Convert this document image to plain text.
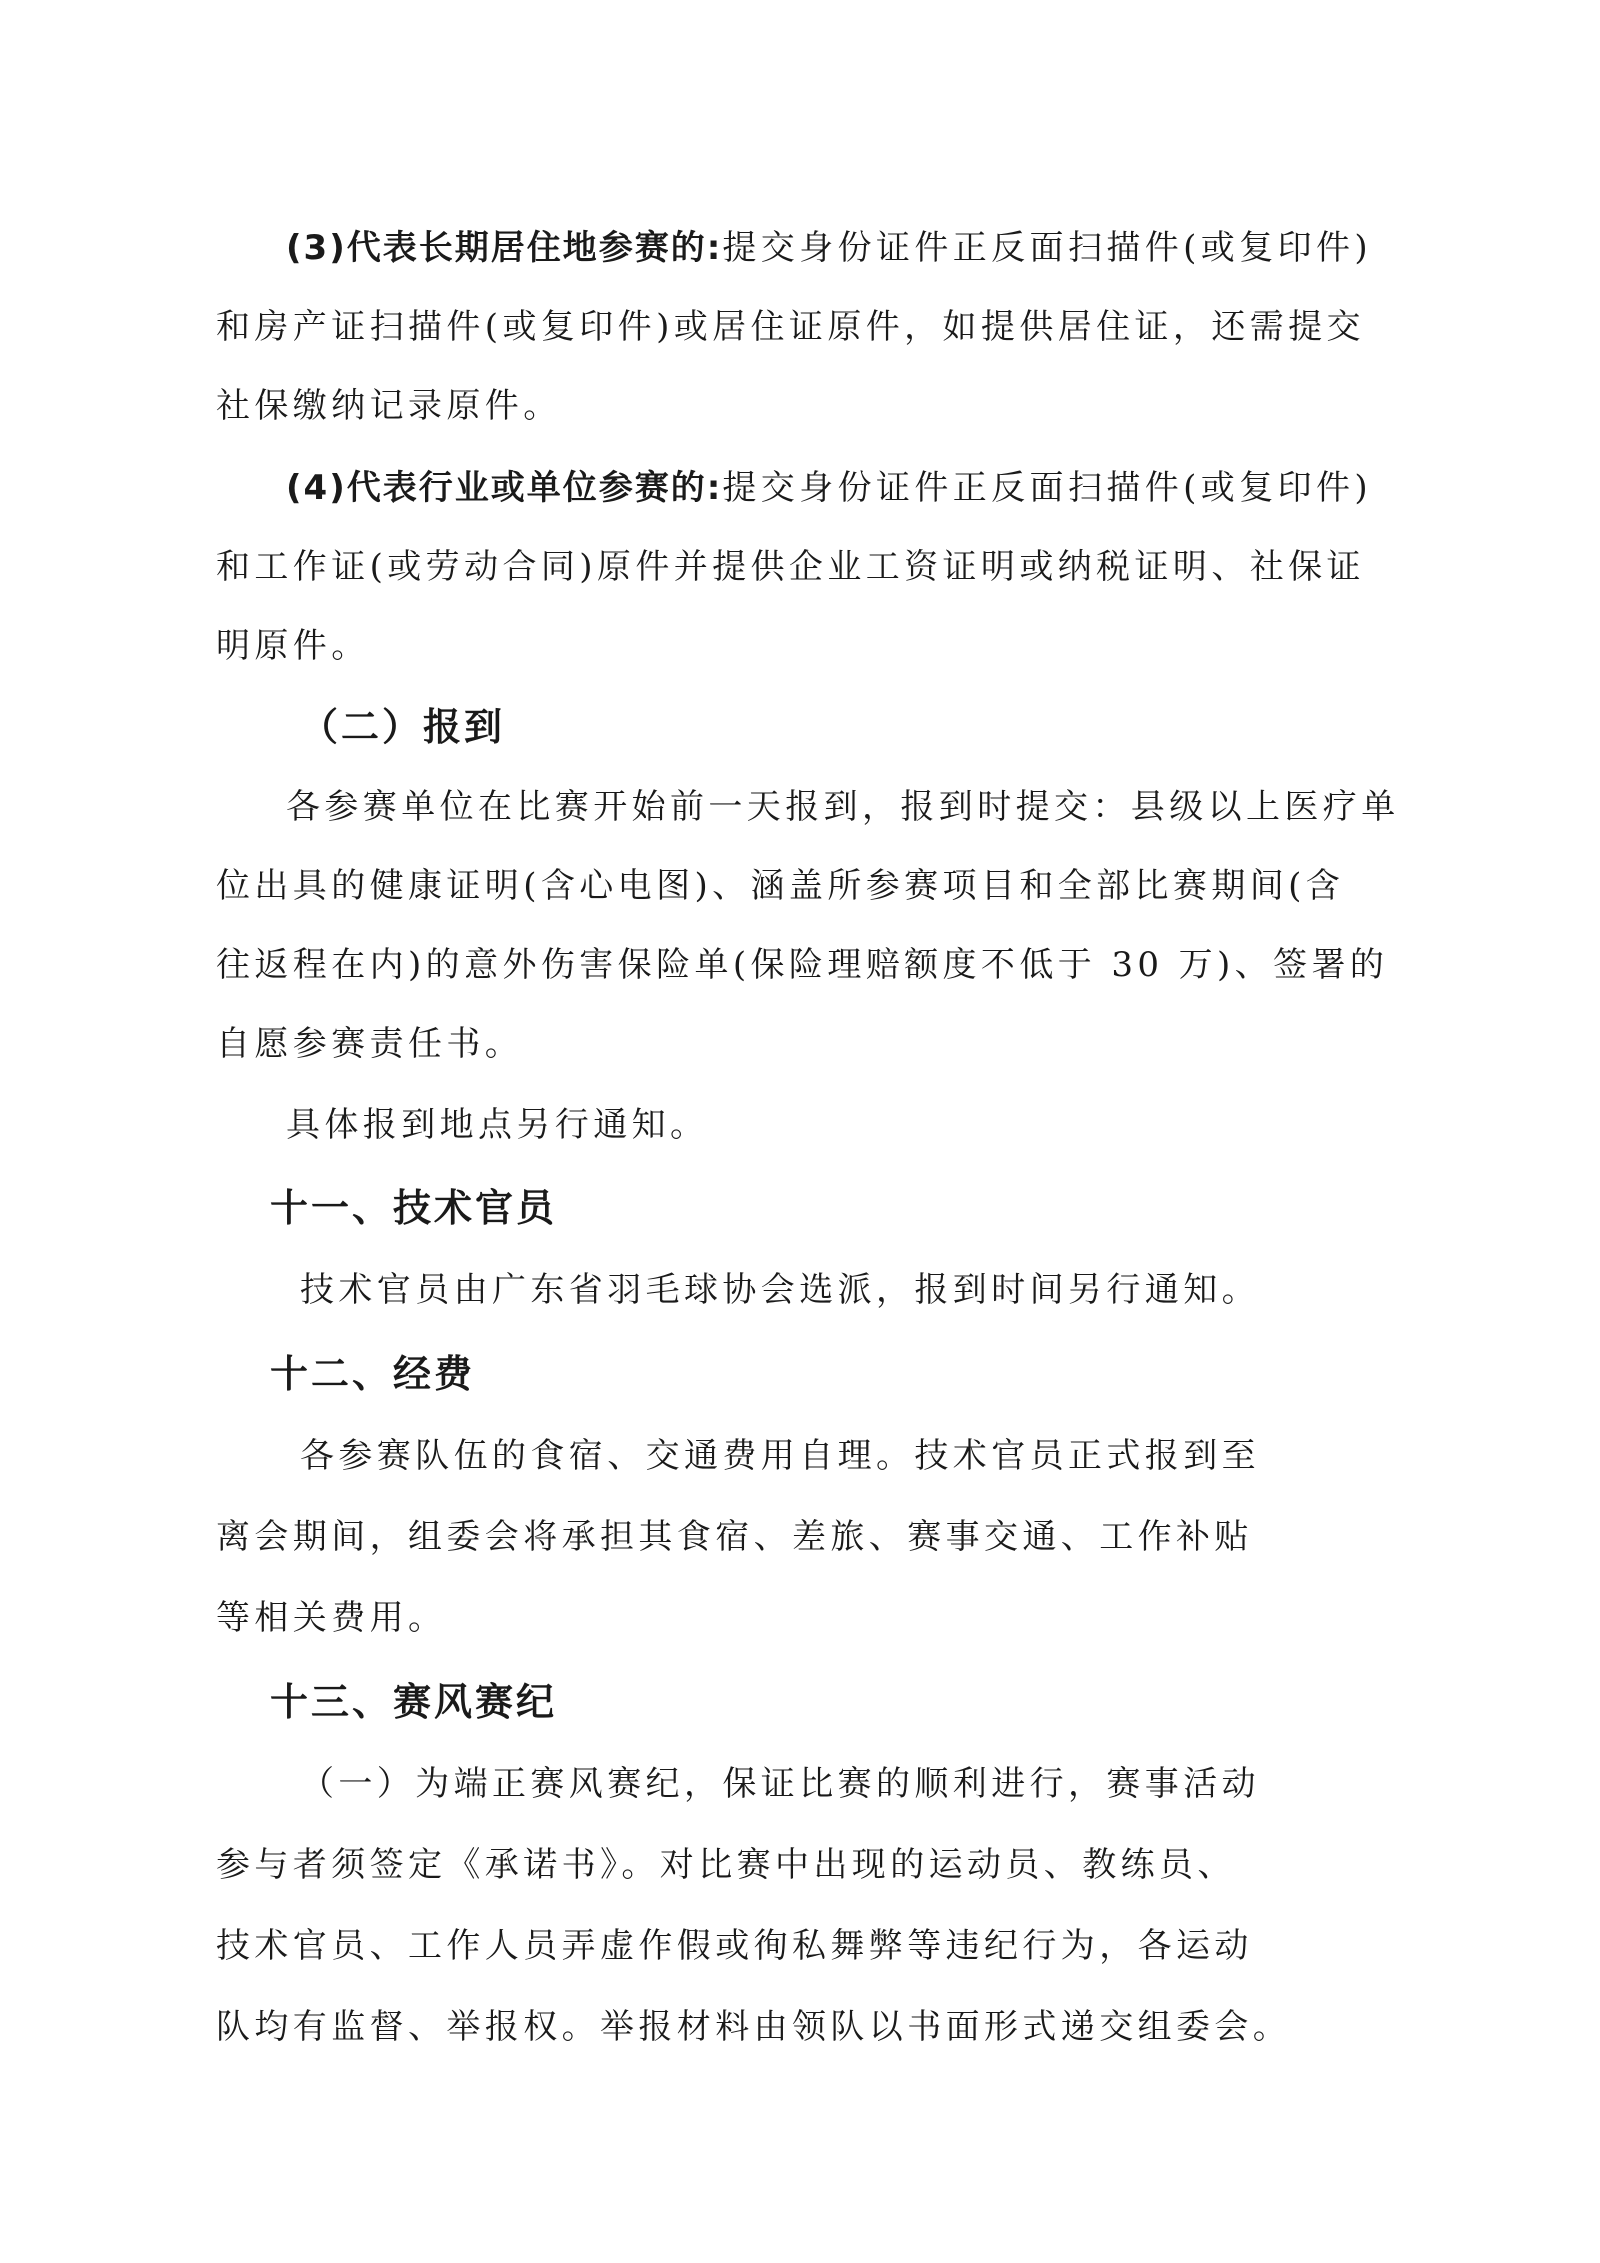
(3)代表长期居住地参赛的:提交身份证件正反面扫描件(或复印件)
和房产证扫描件(或复印件)或居住证原件，如提供居住证，还需提交
社保缴纳记录原件。
(4)代表行业或单位参赛的:提交身份证件正反面扫描件(或复印件)
和工作证(或劳动合同)原件并提供企业工资证明或纳税证明、社保证
明原件。
（二）报到
各参赛单位在比赛开始前一天报到，报到时提交：县级以上医疗单
位出具的健康证明(含心电图)、涵盖所参赛项目和全部比赛期间(含
往返程在内)的意外伤害保险单(保险理赔额度不低于 30 万)、签署的
自愿参赛责任书。
具体报到地点另行通知。
十一、技术官员
技术官员由广东省羽毛球协会选派，报到时间另行通知。
十二、经费
各参赛队伍的食宿、交通费用自理。技术官员正式报到至
离会期间，组委会将承担其食宿、差旅、赛事交通、工作补贴
等相关费用。
十三、赛风赛纪
（一）为端正赛风赛纪，保证比赛的顺利进行，赛事活动
参与者须签定《承诺书》。对比赛中出现的运动员、教练员、
技术官员、工作人员弄虚作假或徇私舞弊等违纪行为，各运动
队均有监督、举报权。举报材料由领队以书面形式递交组委会。
